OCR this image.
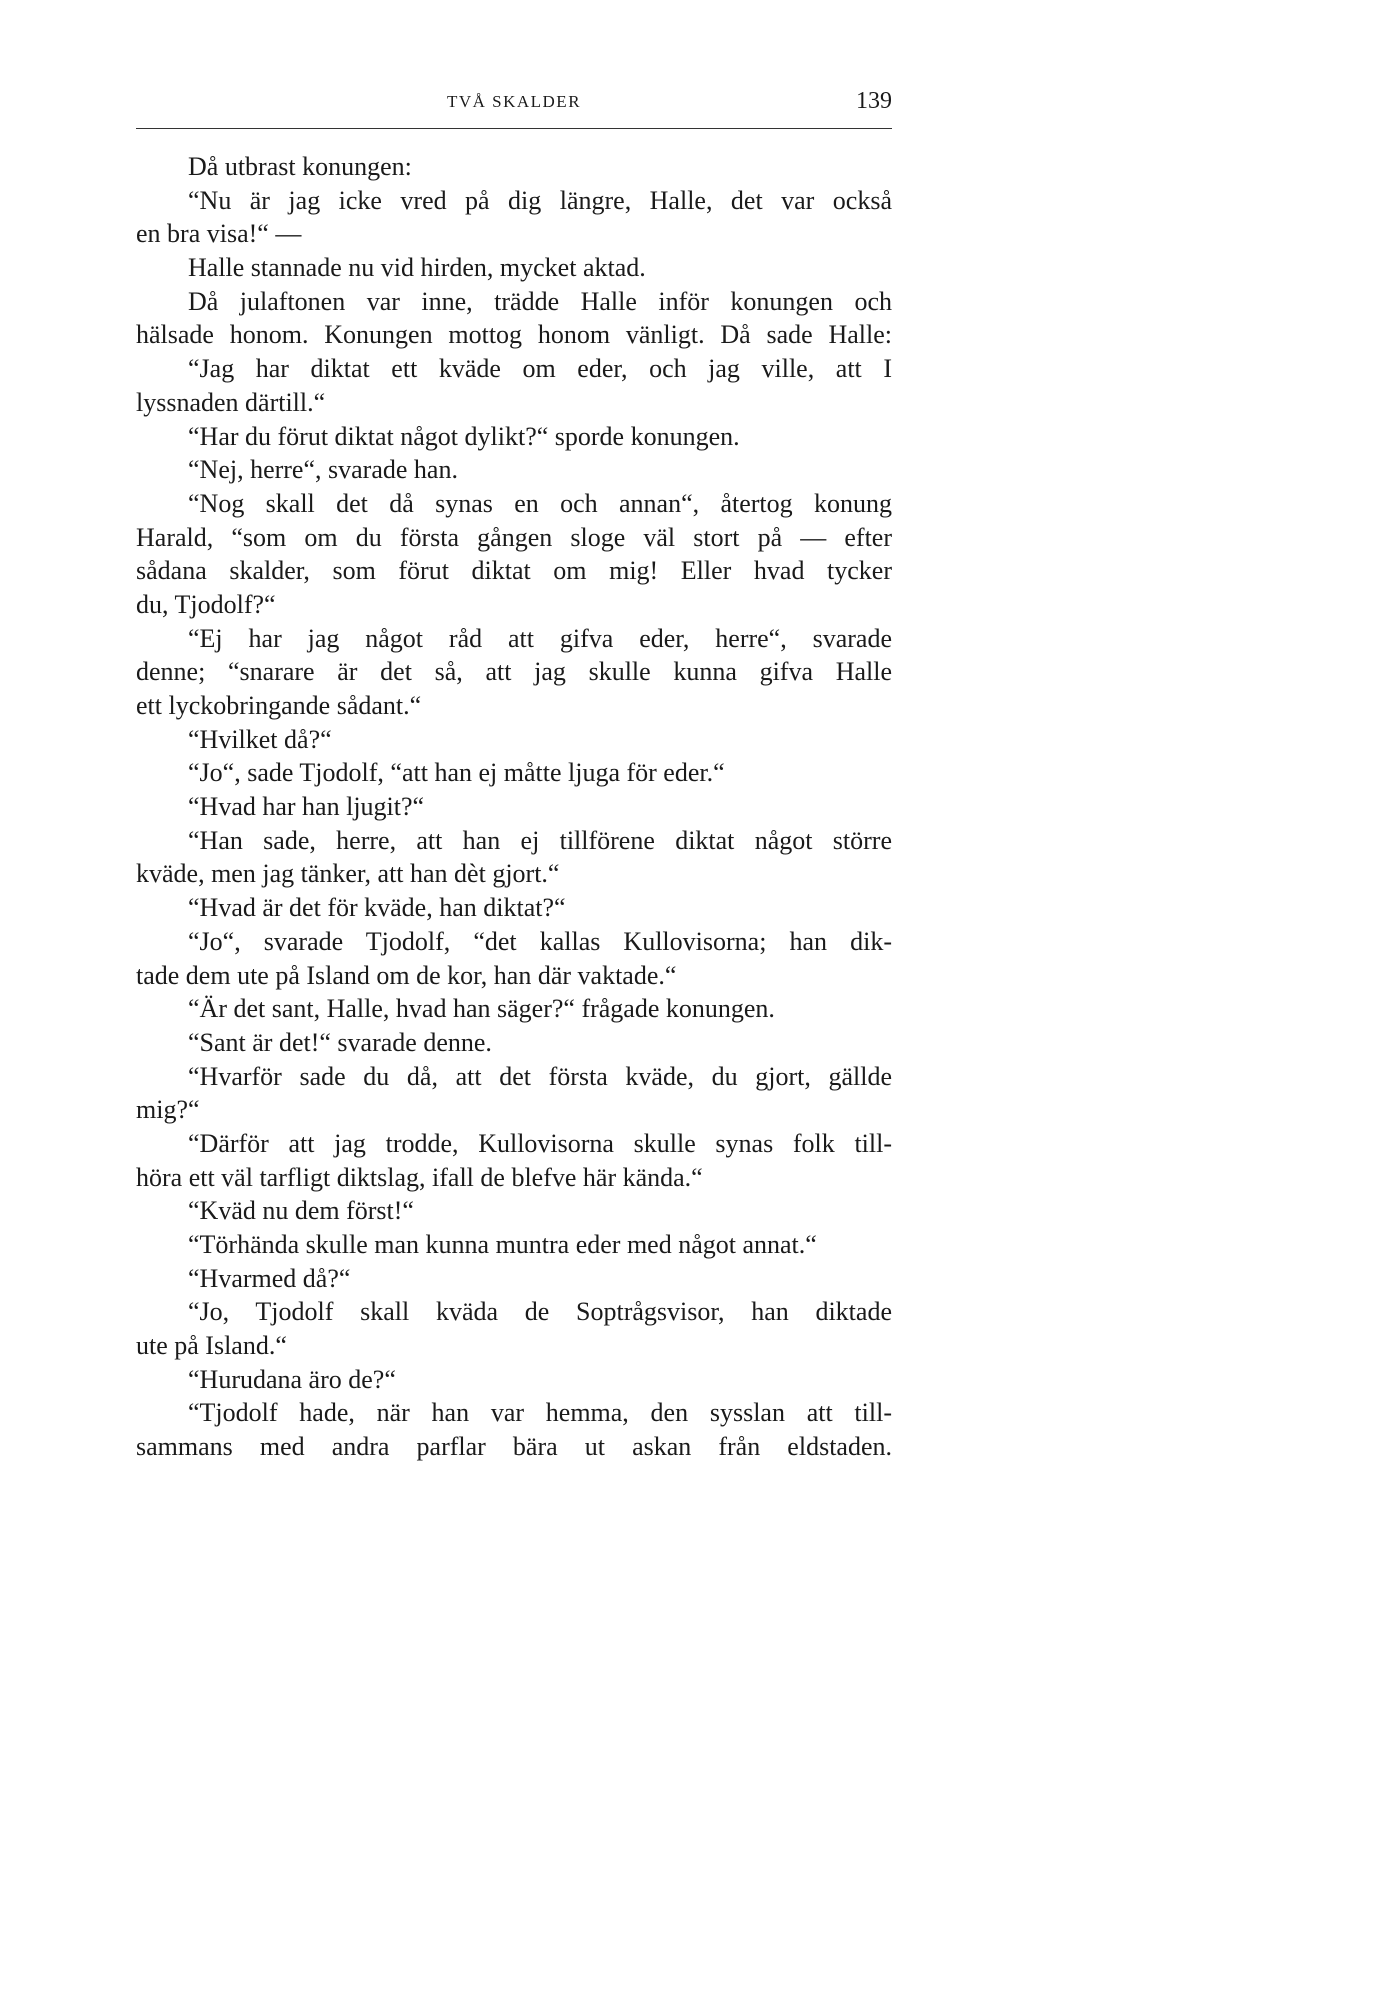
TVÅ SKALDER	139
Då utbrast konungen:
“Nu är jag icke vred på dig längre, Halle, det var också
en bra visa!“ —
Halle stannade nu vid hirden, mycket aktad.
Då julaftonen var inne, trädde Halle inför konungen och
hälsade honom. Konungen mottog honom vänligt. Då sade Halle:
“Jag har diktat ett kväde om eder, och jag ville, att I
lyssnaden därtill.“
“Har du förut diktat något dylikt?“ sporde konungen.
“Nej, herre“, svarade han.
“Nog skall det då synas en och annan“, återtog konung
Harald, “som om du första gången sloge väl stort på — efter
sådana skalder, som förut diktat om mig! Eller hvad tycker
du, Tjodolf?“
“Ej har jag något råd att gifva eder, herre“, svarade
denne; “snarare är det så, att jag skulle kunna gifva Halle
ett lyckobringande sådant.“
“Hvilket då?“
“Jo“, sade Tjodolf, “att han ej måtte ljuga för eder.“
“Hvad har han ljugit?“
“Han sade, herre, att han ej tillförene diktat något större
kväde, men jag tänker, att han dèt gjort.“
“Hvad är det för kväde, han diktat?“
“Jo“, svarade Tjodolf, “det kallas Kullovisorna; han dik-
tade dem ute på Island om de kor, han där vaktade.“
“Är det sant, Halle, hvad han säger?“ frågade konungen.
“Sant är det!“ svarade denne.
“Hvarför sade du då, att det första kväde, du gjort, gällde
mig?“
“Därför att jag trodde, Kullovisorna skulle synas folk till-
höra ett väl tarfligt diktslag, ifall de blefve här kända.“
“Kväd nu dem först!“
“Törhända skulle man kunna muntra eder med något annat.“
“Hvarmed då?“
“Jo, Tjodolf skall kväda de Soptrågsvisor, han diktade
ute på Island.“
“Hurudana äro de?“
“Tjodolf hade, när han var hemma, den sysslan att till-
sammans med andra parflar bära ut askan från eldstaden.
